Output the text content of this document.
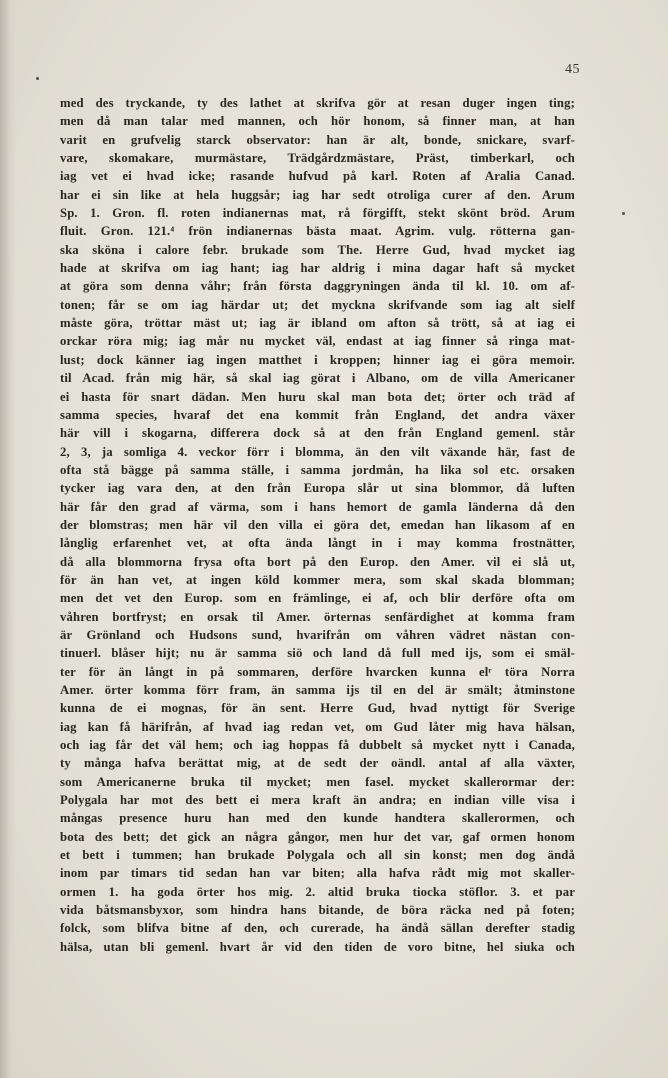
45
med des tryckande, ty des lathet at skrifva gör at resan duger ingen ting;
men då man talar med mannen, och hör honom, så finner man, at han
varit en grufvelig starck observator: han är alt, bonde, snickare, svarf-
vare, skomakare, murmästare, Trädgårdzmästare, Präst, timberkarl, och
iag vet ei hvad icke; rasande hufvud på karl. Roten af Aralia Canad.
har ei sin like at hela huggsår; iag har sedt otroliga curer af den. Arum
Sp. 1. Gron. fl. roten indianernas mat, rå förgifft, stekt skönt bröd. Arum
fluit. Gron. 121.⁴ frön indianernas bästa maat. Agrim. vulg. rötterna gan-
ska sköna i calore febr. brukade som The. Herre Gud, hvad mycket iag
hade at skrifva om iag hant; iag har aldrig i mina dagar haft så mycket
at göra som denna våhr; från första daggryningen ända til kl. 10. om af-
tonen; får se om iag härdar ut; det myckna skrifvande som iag alt sielf
måste göra, tröttar mäst ut; iag är ibland om afton så trött, så at iag ei
orckar röra mig; iag mår nu mycket väl, endast at iag finner så ringa mat-
lust; dock känner iag ingen matthet i kroppen; hinner iag ei göra memoir.
til Acad. från mig här, så skal iag görat i Albano, om de villa Americaner
ei hasta för snart dädan. Men huru skal man bota det; örter och träd af
samma species, hvaraf det ena kommit från England, det andra växer
här vill i skogarna, differera dock så at den från England gemenl. står
2, 3, ja somliga 4. veckor förr i blomma, än den vilt växande här, fast de
ofta stå bägge på samma ställe, i samma jordmån, ha lika sol etc. orsaken
tycker iag vara den, at den från Europa slår ut sina blommor, då luften
här får den grad af värma, som i hans hemort de gamla länderna då den
der blomstras; men här vil den villa ei göra det, emedan han likasom af en
långlig erfarenhet vet, at ofta ända långt in i may komma frostnätter,
då alla blommorna frysa ofta bort på den Europ. den Amer. vil ei slå ut,
för än han vet, at ingen köld kommer mera, som skal skada blomman;
men det vet den Europ. som en främlinge, ei af, och blir derföre ofta om
våhren bortfryst; en orsak til Amer. örternas senfärdighet at komma fram
är Grönland och Hudsons sund, hvarifrån om våhren vädret nästan con-
tinuerl. blåser hijt; nu är samma siö och land då full med ijs, som ei smäl-
ter för än långt in på sommaren, derföre hvarcken kunna elʳ töra Norra
Amer. örter komma förr fram, än samma ijs til en del är smält; åtminstone
kunna de ei mognas, för än sent. Herre Gud, hvad nyttigt för Sverige
iag kan få härifrån, af hvad iag redan vet, om Gud låter mig hava hälsan,
och iag får det väl hem; och iag hoppas få dubbelt så mycket nytt i Canada,
ty många hafva berättat mig, at de sedt der oändl. antal af alla växter,
som Americanerne bruka til mycket; men fasel. mycket skallerormar der:
Polygala har mot des bett ei mera kraft än andra; en indian ville visa i
mångas presence huru han med den kunde handtera skallerormen, och
bota des bett; det gick an några gångor, men hur det var, gaf ormen honom
et bett i tummen; han brukade Polygala och all sin konst; men dog ändå
inom par timars tid sedan han var biten; alla hafva rådt mig mot skaller-
ormen 1. ha goda örter hos mig. 2. altid bruka tiocka stöflor. 3. et par
vida båtsmansbyxor, som hindra hans bitande, de böra räcka ned på foten;
folck, som blifva bitne af den, och curerade, ha ändå sällan derefter stadig
hälsa, utan bli gemenl. hvart år vid den tiden de voro bitne, hel siuka och
